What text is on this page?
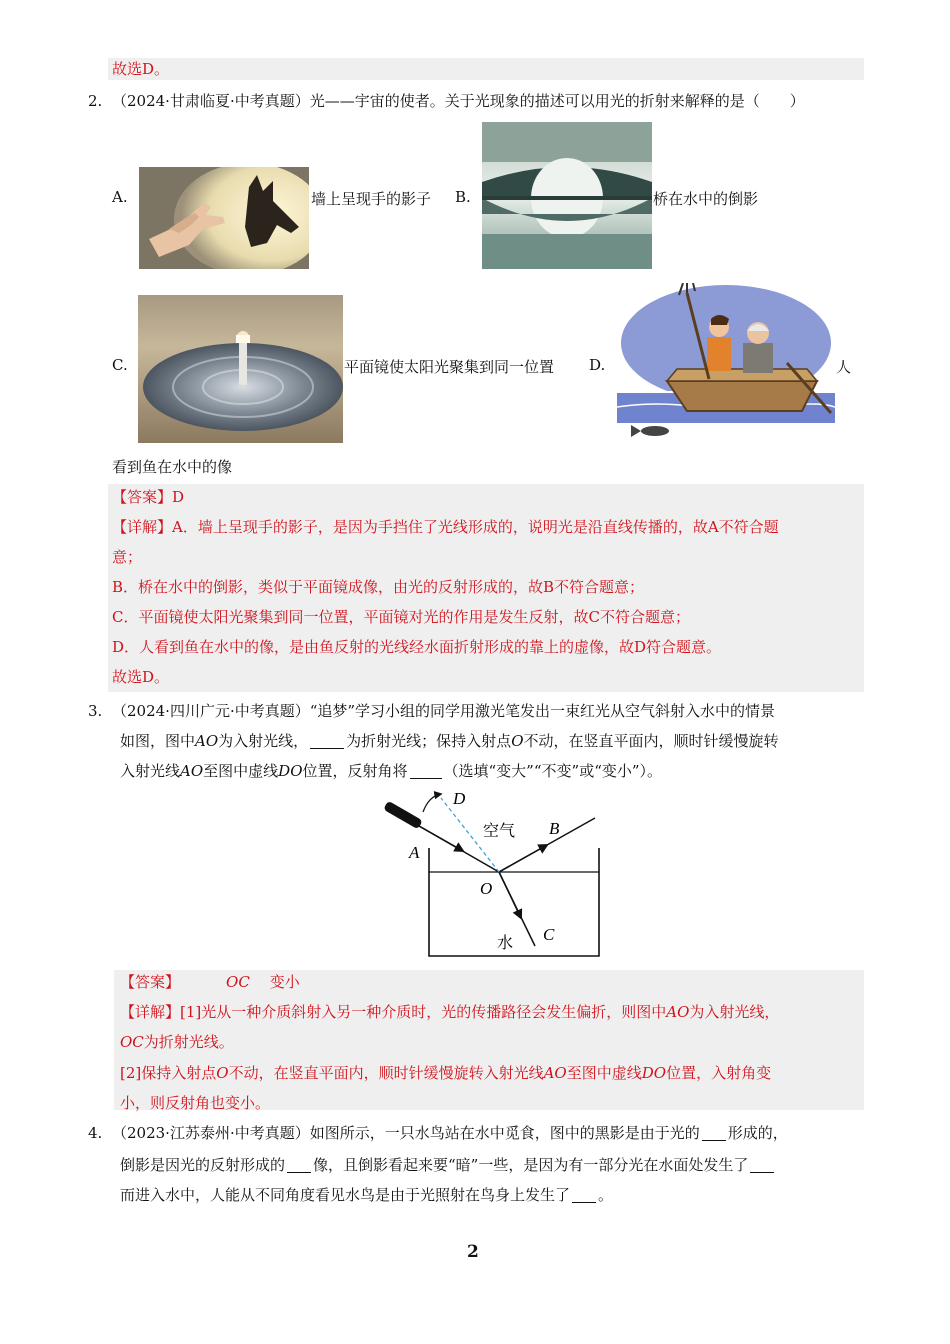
故选D。
2. （2024·甘肃临夏·中考真题）光——宇宙的使者。关于光现象的描述可以用光的折射来解释的是（　　）
A.	墙上呈现手的影子 B.	桥在水中的倒影
C.	平面镜使太阳光聚集到同一位置 D.	人
看到鱼在水中的像
【答案】D
【详解】A．墙上呈现手的影子，是因为手挡住了光线形成的，说明光是沿直线传播的，故A不符合题
意；
B．桥在水中的倒影，类似于平面镜成像，由光的反射形成的，故B不符合题意；
C．平面镜使太阳光聚集到同一位置，平面镜对光的作用是发生反射，故C不符合题意；
D．人看到鱼在水中的像，是由鱼反射的光线经水面折射形成的靠上的虚像，故D符合题意。
故选D。
3. （2024·四川广元·中考真题）“追梦”学习小组的同学用激光笔发出一束红光从空气斜射入水中的情景
如图，图中AO为入射光线，	为折射光线；保持入射点O不动，在竖直平面内，顺时针缓慢旋转
入射光线AO至图中虚线DO位置，反射角将 （选填“变大”“不变”或“变小”）。
D
空气 B
A
O
水 C
【答案】	OC 变小
【详解】[1]光从一种介质斜射入另一种介质时，光的传播路径会发生偏折，则图中AO为入射光线，
OC为折射光线。
[2]保持入射点O不动，在竖直平面内，顺时针缓慢旋转入射光线AO至图中虚线DO位置，入射角变
小，则反射角也变小。
4. （2023·江苏泰州·中考真题）如图所示，一只水鸟站在水中觅食，图中的黑影是由于光的 形成的，
倒影是因光的反射形成的 像，且倒影看起来要“暗”一些，是因为有一部分光在水面处发生了
而进入水中，人能从不同角度看见水鸟是由于光照射在鸟身上发生了 。
2
